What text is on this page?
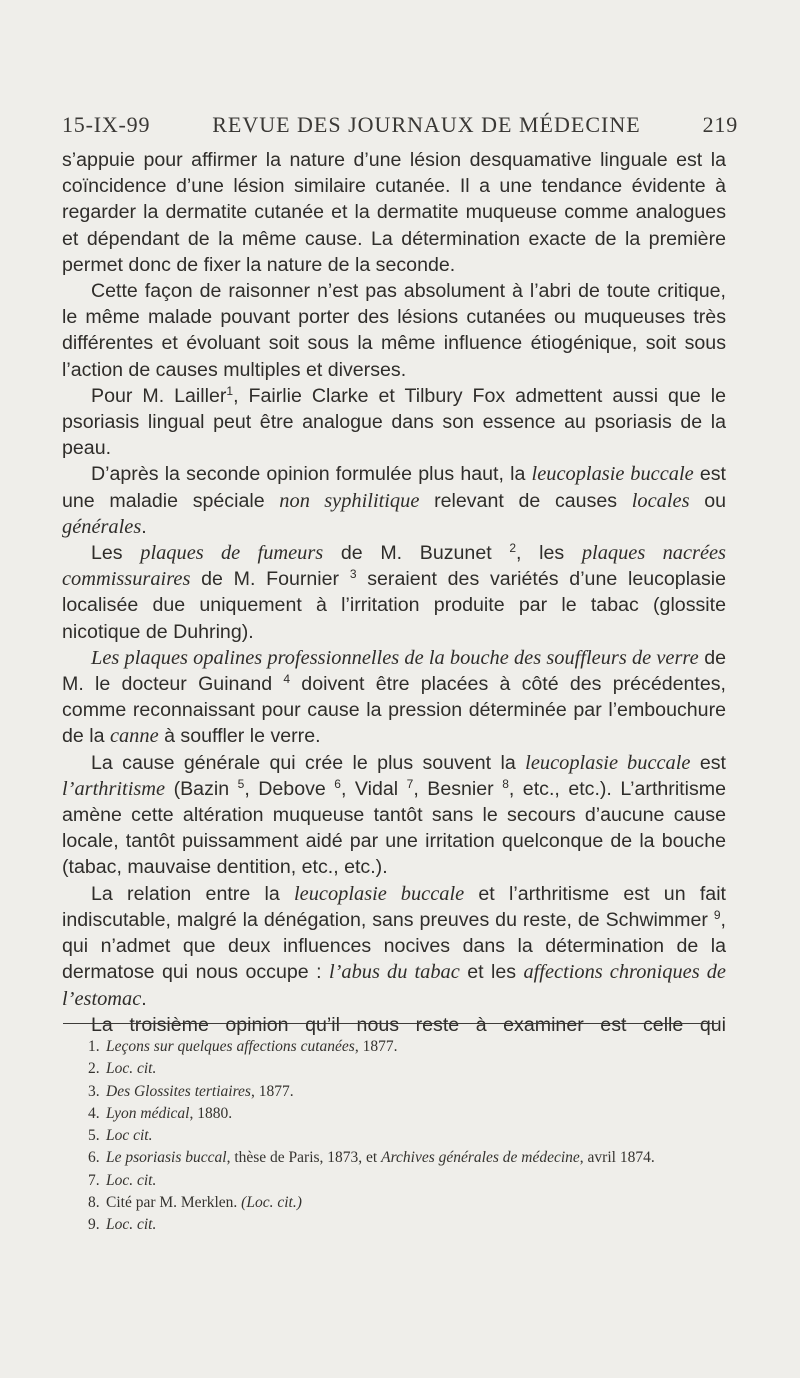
15-IX-99	REVUE DES JOURNAUX DE MÉDECINE	219

s’appuie pour affirmer la nature d’une lésion desquamative linguale est la coïncidence d’une lésion similaire cutanée. Il a une tendance évidente à regarder la dermatite cutanée et la dermatite muqueuse comme analogues et dépendant de la même cause. La détermination exacte de la première permet donc de fixer la nature de la seconde.

Cette façon de raisonner n’est pas absolument à l’abri de toute critique, le même malade pouvant porter des lésions cutanées ou muqueuses très différentes et évoluant soit sous la même influence étiogénique, soit sous l’action de causes multiples et diverses.

Pour M. Lailler$^1$, Fairlie Clarke et Tilbury Fox admettent aussi que le psoriasis lingual peut être analogue dans son essence au psoriasis de la peau.

D’après la seconde opinion formulée plus haut, la leucoplasie buccale est une maladie spéciale non syphilitique relevant de causes locales ou générales.

Les plaques de fumeurs de M. Buzunet $^2$, les plaques nacrées commissuraires de M. Fournier $^3$ seraient des variétés d’une leucoplasie localisée due uniquement à l’irritation produite par le tabac (glossite nicotique de Duhring).

Les plaques opalines professionnelles de la bouche des souffleurs de verre de M. le docteur Guinand $^4$ doivent être placées à côté des précédentes, comme reconnaissant pour cause la pression déterminée par l’embouchure de la canne à souffler le verre.

La cause générale qui crée le plus souvent la leucoplasie buccale est l’arthritisme (Bazin $^5$, Debove $^6$, Vidal $^7$, Besnier $^8$, etc., etc.). L’arthritisme amène cette altération muqueuse tantôt sans le secours d’aucune cause locale, tantôt puissamment aidé par une irritation quelconque de la bouche (tabac, mauvaise dentition, etc., etc.).

La relation entre la leucoplasie buccale et l’arthritisme est un fait indiscutable, malgré la dénégation, sans preuves du reste, de Schwimmer $^9$, qui n’admet que deux influences nocives dans la détermination de la dermatose qui nous occupe : l’abus du tabac et les affections chroniques de l’estomac.

La troisième opinion qu’il nous reste à examiner est celle qui

1. Leçons sur quelques affections cutanées, 1877.
2. Loc. cit.
3. Des Glossites tertiaires, 1877.
4. Lyon médical, 1880.
5. Loc cit.
6. Le psoriasis buccal, thèse de Paris, 1873, et Archives générales de médecine, avril 1874.
7. Loc. cit.
8. Cité par M. Merklen. (Loc. cit.)
9. Loc. cit.
